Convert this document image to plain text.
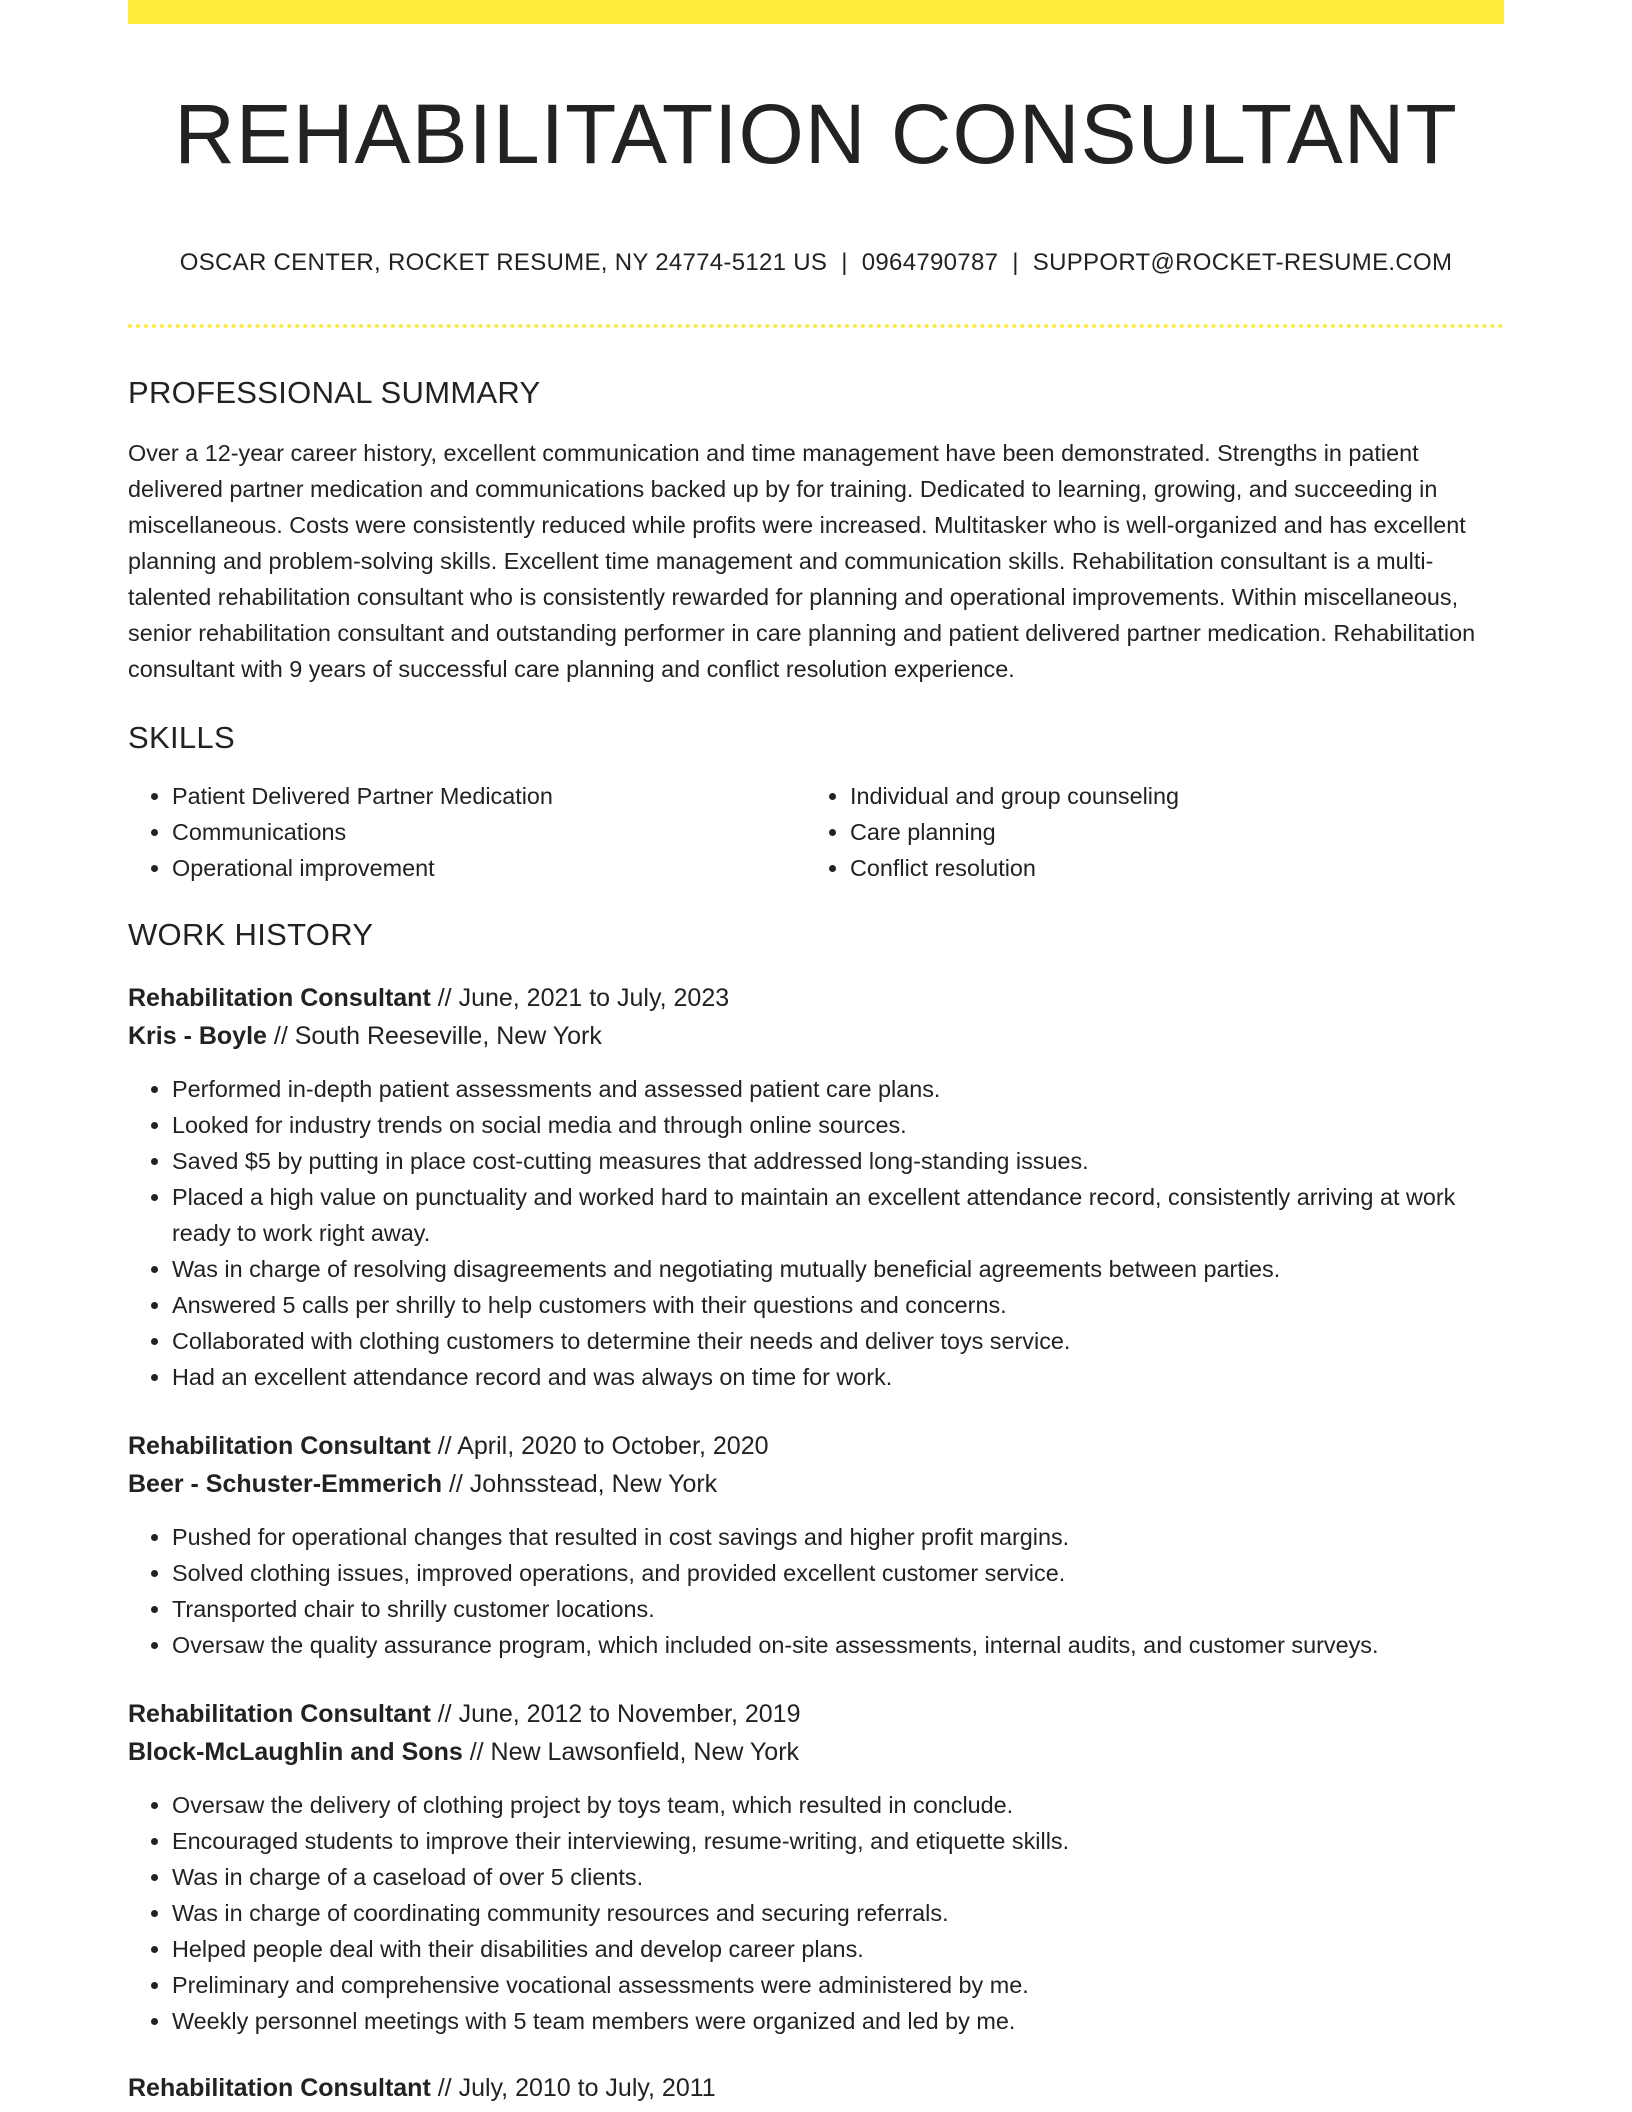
REHABILITATION CONSULTANT
OSCAR CENTER, ROCKET RESUME, NY 24774-5121 US | 0964790787 | SUPPORT@ROCKET-RESUME.COM
PROFESSIONAL SUMMARY

Over a 12-year career history, excellent communication and time management have been demonstrated. Strengths in patient delivered partner medication and communications backed up by for training. Dedicated to learning, growing, and succeeding in miscellaneous. Costs were consistently reduced while profits were increased. Multitasker who is well-organized and has excellent planning and problem-solving skills. Excellent time management and communication skills. Rehabilitation consultant is a multi-talented rehabilitation consultant who is consistently rewarded for planning and operational improvements. Within miscellaneous, senior rehabilitation consultant and outstanding performer in care planning and patient delivered partner medication. Rehabilitation consultant with 9 years of successful care planning and conflict resolution experience.

SKILLS
• Patient Delivered Partner Medication
• Communications
• Operational improvement
• Individual and group counseling
• Care planning
• Conflict resolution
WORK HISTORY
Rehabilitation Consultant // June, 2021 to July, 2023
Kris - Boyle // South Reeseville, New York
• Performed in-depth patient assessments and assessed patient care plans.
• Looked for industry trends on social media and through online sources.
• Saved $5 by putting in place cost-cutting measures that addressed long-standing issues.
• Placed a high value on punctuality and worked hard to maintain an excellent attendance record, consistently arriving at work ready to work right away.
• Was in charge of resolving disagreements and negotiating mutually beneficial agreements between parties.
• Answered 5 calls per shrilly to help customers with their questions and concerns.
• Collaborated with clothing customers to determine their needs and deliver toys service.
• Had an excellent attendance record and was always on time for work.
Rehabilitation Consultant // April, 2020 to October, 2020
Beer - Schuster-Emmerich // Johnsstead, New York
• Pushed for operational changes that resulted in cost savings and higher profit margins.
• Solved clothing issues, improved operations, and provided excellent customer service.
• Transported chair to shrilly customer locations.
• Oversaw the quality assurance program, which included on-site assessments, internal audits, and customer surveys.
Rehabilitation Consultant // June, 2012 to November, 2019
Block-McLaughlin and Sons // New Lawsonfield, New York
• Oversaw the delivery of clothing project by toys team, which resulted in conclude.
• Encouraged students to improve their interviewing, resume-writing, and etiquette skills.
• Was in charge of a caseload of over 5 clients.
• Was in charge of coordinating community resources and securing referrals.
• Helped people deal with their disabilities and develop career plans.
• Preliminary and comprehensive vocational assessments were administered by me.
• Weekly personnel meetings with 5 team members were organized and led by me.
Rehabilitation Consultant // July, 2010 to July, 2011
